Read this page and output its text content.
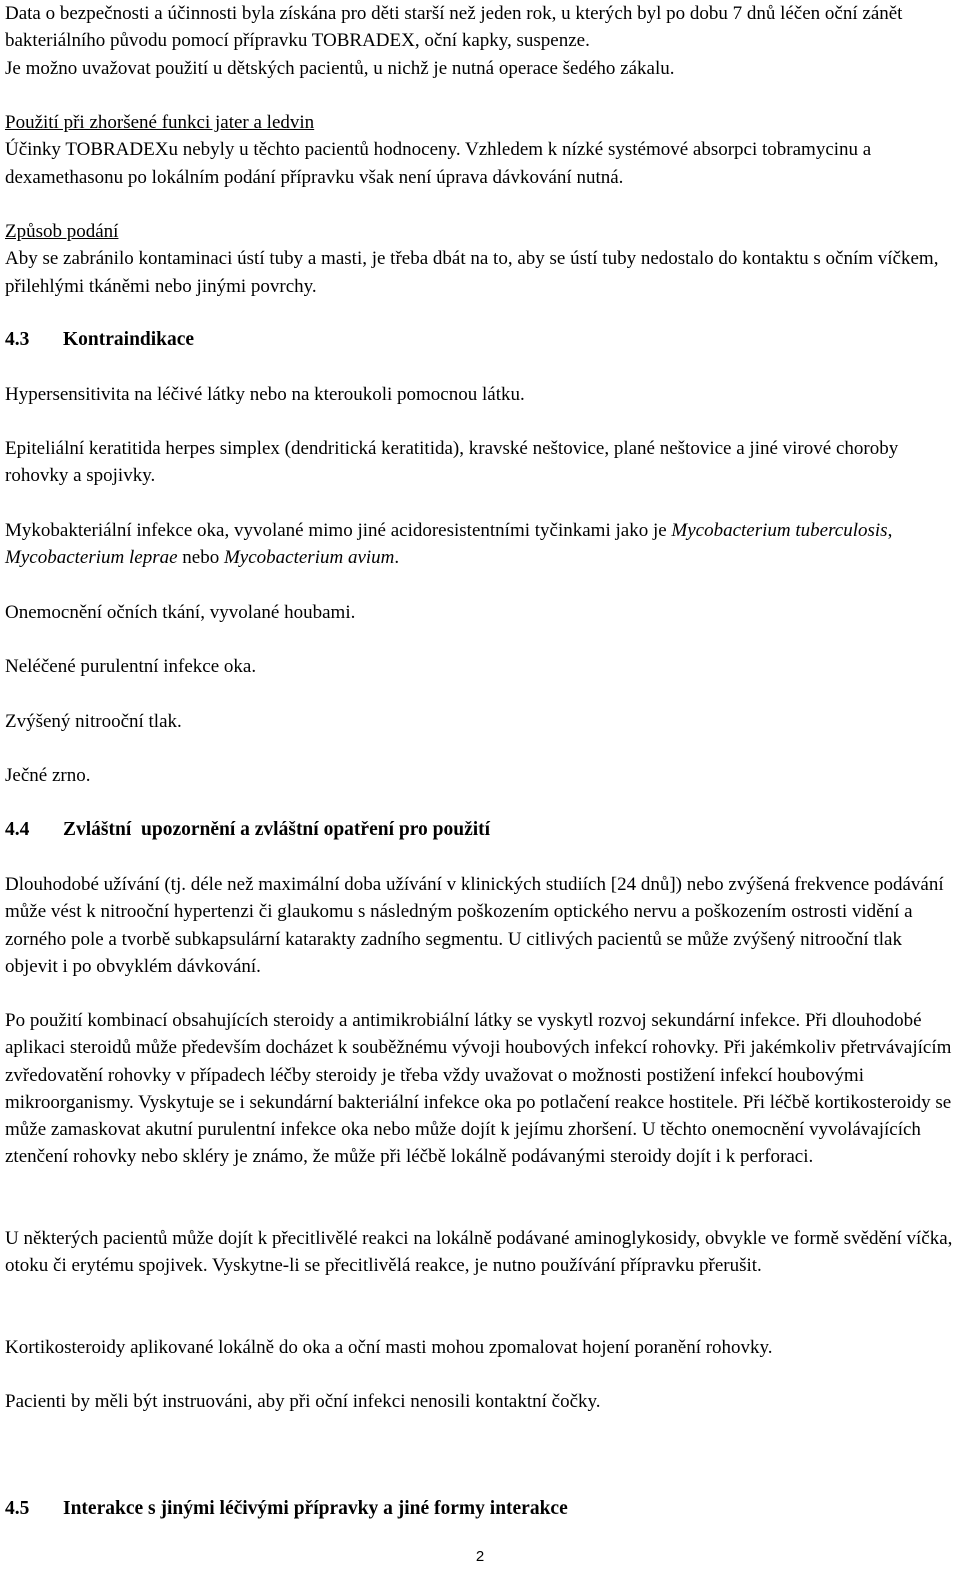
Data o bezpečnosti a účinnosti byla získána pro děti starší než jeden rok, u kterých byl po dobu 7 dnů léčen oční zánět bakteriálního původu pomocí přípravku TOBRADEX, oční kapky, suspenze.
Je možno uvažovat použití u dětských pacientů, u nichž je nutná operace šedého zákalu.

Použití při zhoršené funkci jater a ledvin
Účinky TOBRADEXu nebyly u těchto pacientů hodnoceny. Vzhledem k nízké systémové absorpci tobramycinu a dexamethasonu po lokálním podání přípravku však není úprava dávkování nutná.

Způsob podání
Aby se zabránilo kontaminaci ústí tuby a masti, je třeba dbát na to, aby se ústí tuby nedostalo do kontaktu s očním víčkem, přilehlými tkáněmi nebo jinými povrchy.

4.3 Kontraindikace

Hypersensitivita na léčivé látky nebo na kteroukoli pomocnou látku.

Epiteliální keratitida herpes simplex (dendritická keratitida), kravské neštovice, plané neštovice a jiné virové choroby rohovky a spojivky.

Mykobakteriální infekce oka, vyvolané mimo jiné acidoresistentními tyčinkami jako je Mycobacterium tuberculosis, Mycobacterium leprae nebo Mycobacterium avium.

Onemocnění očních tkání, vyvolané houbami.

Neléčené purulentní infekce oka.

Zvýšený nitrooční tlak.

Ječné zrno.

4.4 Zvláštní  upozornění a zvláštní opatření pro použití

Dlouhodobé užívání (tj. déle než maximální doba užívání v klinických studiích [24 dnů]) nebo zvýšená frekvence podávání může vést k nitrooční hypertenzi či glaukomu s následným poškozením optického nervu a poškozením ostrosti vidění a zorného pole a tvorbě subkapsulární katarakty zadního segmentu. U citlivých pacientů se může zvýšený nitrooční tlak objevit i po obvyklém dávkování.

Po použití kombinací obsahujících steroidy a antimikrobiální látky se vyskytl rozvoj sekundární infekce. Při dlouhodobé aplikaci steroidů může především docházet k souběžnému vývoji houbových infekcí rohovky. Při jakémkoliv přetrvávajícím zvředovatění rohovky v případech léčby steroidy je třeba vždy uvažovat o možnosti postižení infekcí houbovými mikroorganismy. Vyskytuje se i sekundární bakteriální infekce oka po potlačení reakce hostitele. Při léčbě kortikosteroidy se může zamaskovat akutní purulentní infekce oka nebo může dojít k jejímu zhoršení. U těchto onemocnění vyvolávajících ztenčení rohovky nebo skléry je známo, že může při léčbě lokálně podávanými steroidy dojít i k perforaci.

U některých pacientů může dojít k přecitlivělé reakci na lokálně podávané aminoglykosidy, obvykle ve formě svědění víčka, otoku či erytému spojivek. Vyskytne-li se přecitlivělá reakce, je nutno používání přípravku přerušit.

Kortikosteroidy aplikované lokálně do oka a oční masti mohou zpomalovat hojení poranění rohovky.

Pacienti by měli být instruováni, aby při oční infekci nenosili kontaktní čočky.

4.5 Interakce s jinými léčivými přípravky a jiné formy interakce

2
